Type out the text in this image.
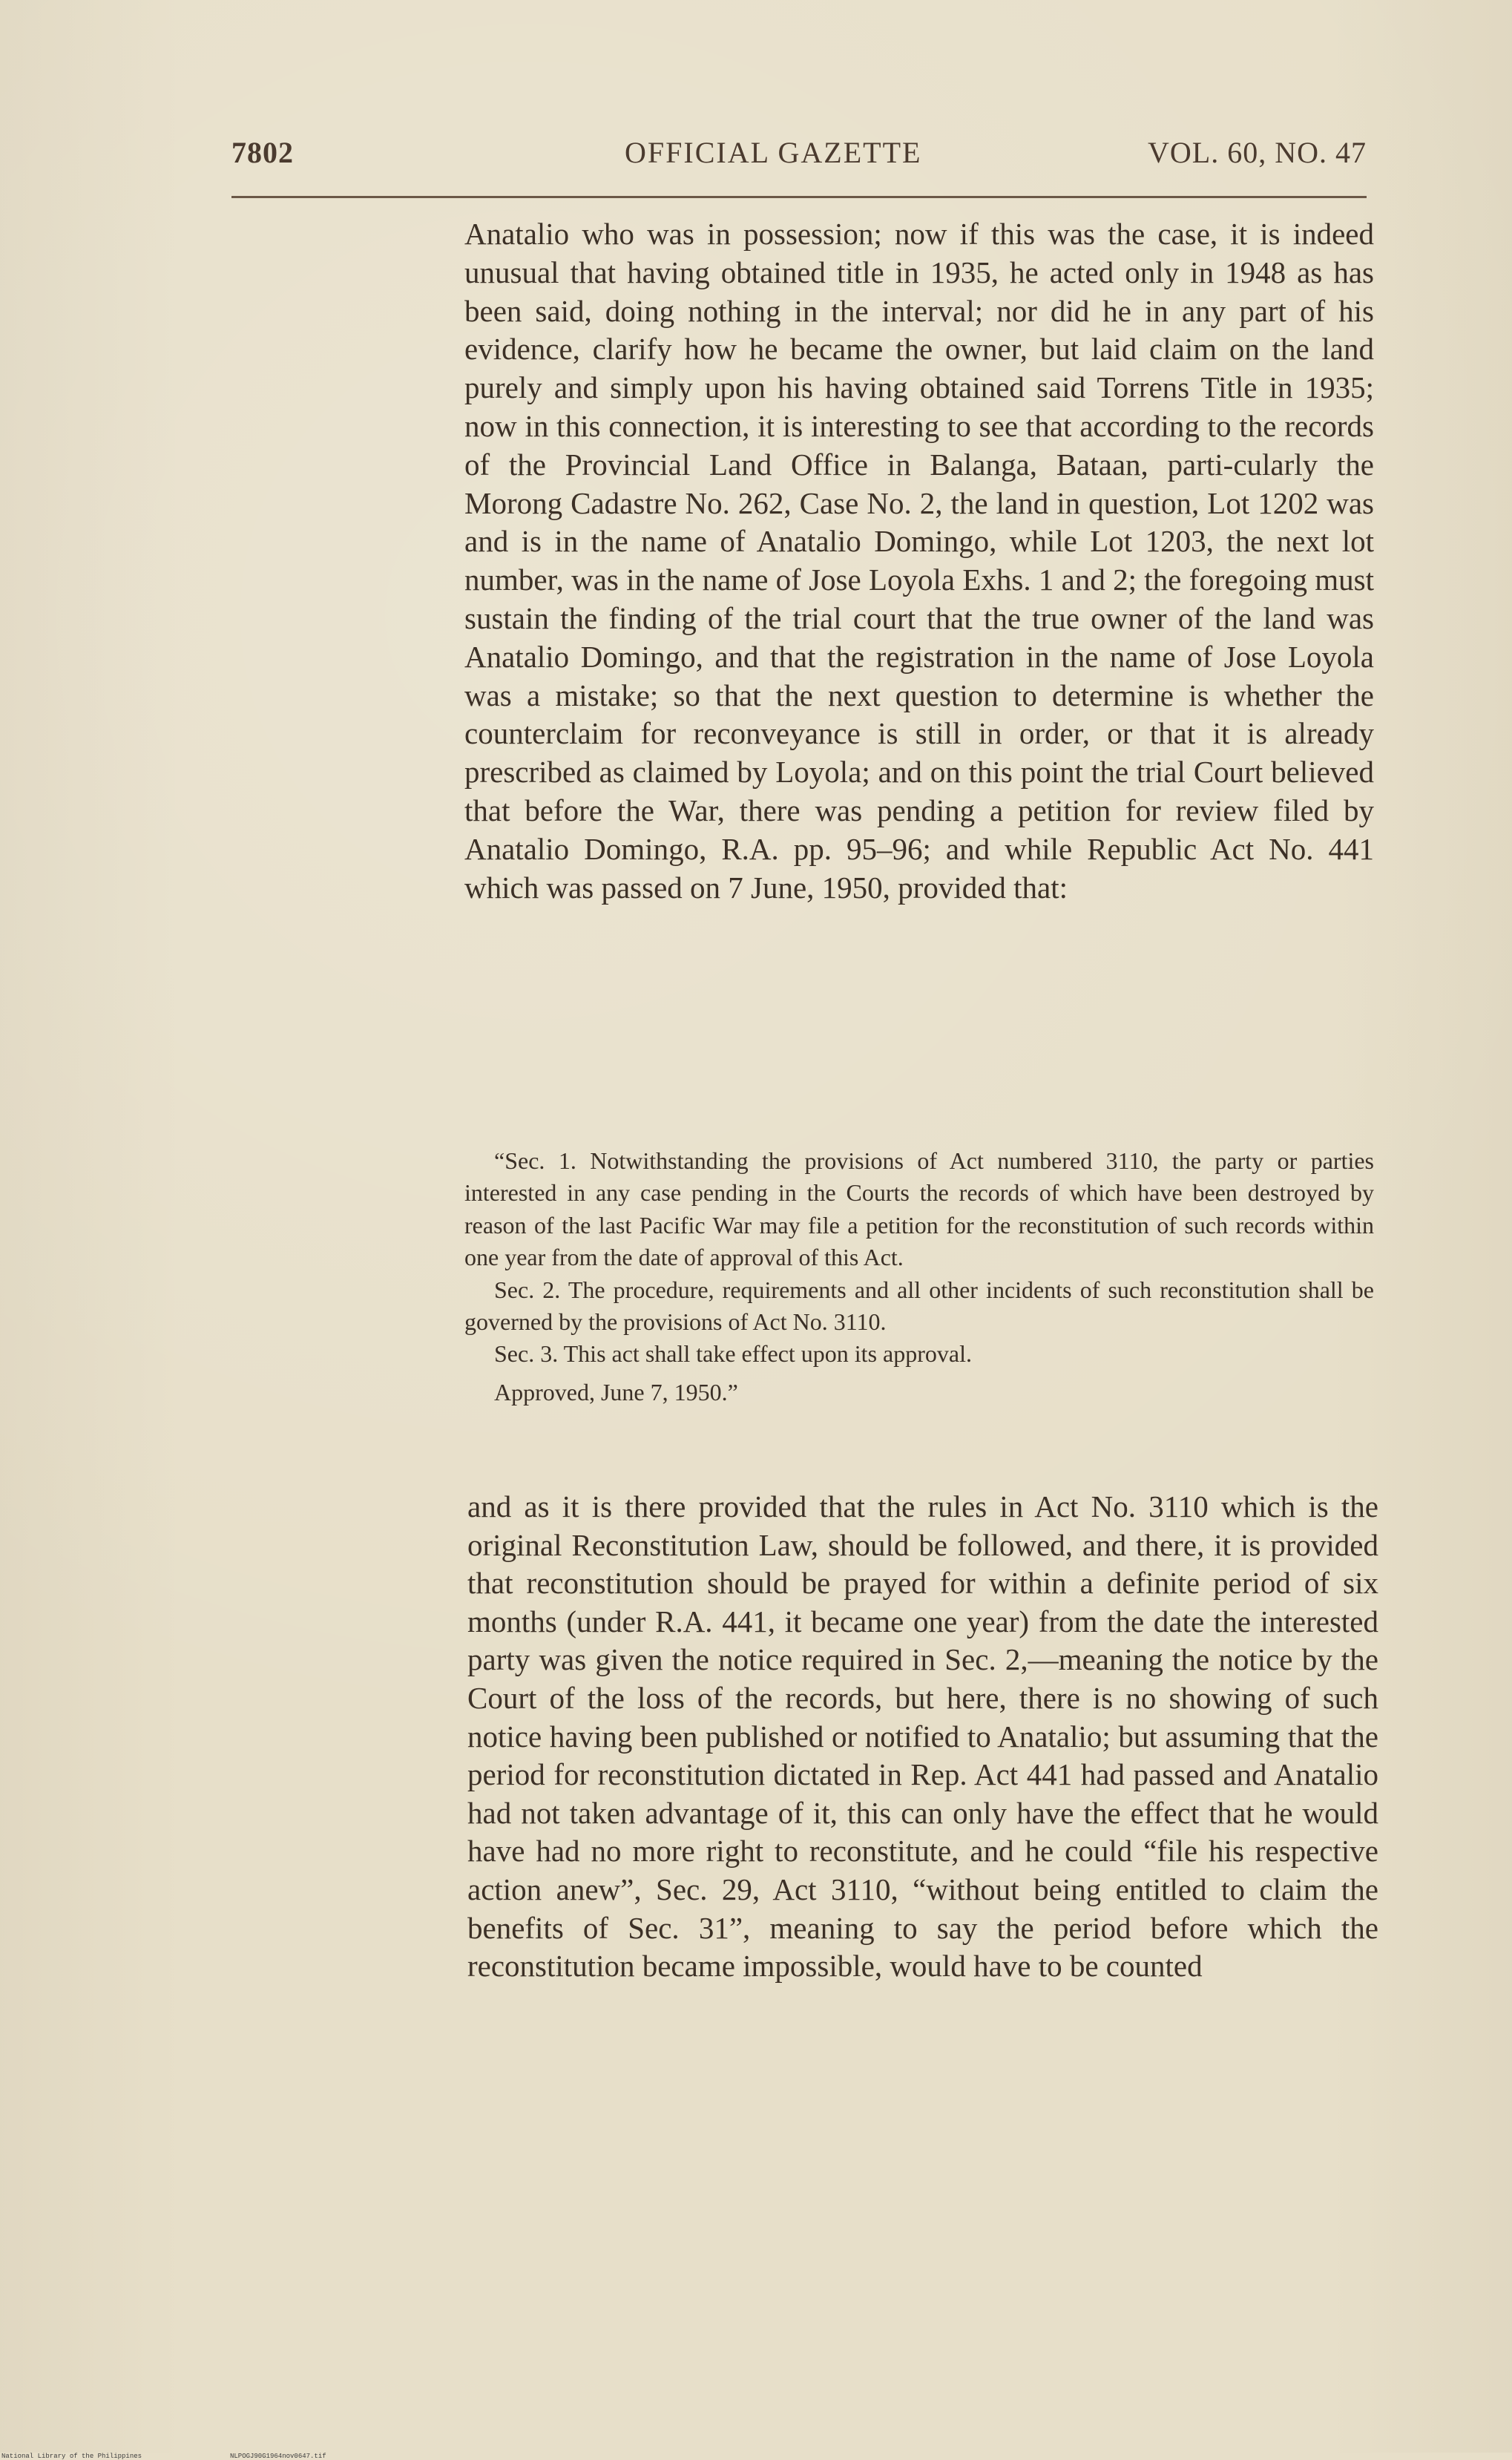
7802	OFFICIAL GAZETTE	VOL. 60, NO. 47
Anatalio who was in possession; now if this was the case, it is indeed unusual that having obtained title in 1935, he acted only in 1948 as has been said, doing nothing in the interval; nor did he in any part of his evidence, clarify how he became the owner, but laid claim on the land purely and simply upon his having obtained said Torrens Title in 1935; now in this connection, it is interesting to see that according to the records of the Provincial Land Office in Balanga, Bataan, parti-cularly the Morong Cadastre No. 262, Case No. 2, the land in question, Lot 1202 was and is in the name of Anatalio Domingo, while Lot 1203, the next lot number, was in the name of Jose Loyola Exhs. 1 and 2; the foregoing must sustain the finding of the trial court that the true owner of the land was Anatalio Domingo, and that the registration in the name of Jose Loyola was a mistake; so that the next question to determine is whether the counterclaim for reconveyance is still in order, or that it is already prescribed as claimed by Loyola; and on this point the trial Court believed that before the War, there was pending a petition for review filed by Anatalio Domingo, R.A. pp. 95–96; and while Republic Act No. 441 which was passed on 7 June, 1950, provided that:

“Sec. 1. Notwithstanding the provisions of Act numbered 3110, the party or parties interested in any case pending in the Courts the records of which have been destroyed by reason of the last Pacific War may file a petition for the reconstitution of such records within one year from the date of approval of this Act.

Sec. 2. The procedure, requirements and all other incidents of such reconstitution shall be governed by the provisions of Act No. 3110.

Sec. 3. This act shall take effect upon its approval.

Approved, June 7, 1950.”

and as it is there provided that the rules in Act No. 3110 which is the original Reconstitution Law, should be followed, and there, it is provided that reconstitution should be prayed for within a definite period of six months (under R.A. 441, it became one year) from the date the interested party was given the notice required in Sec. 2,—meaning the notice by the Court of the loss of the records, but here, there is no showing of such notice having been published or notified to Anatalio; but assuming that the period for reconstitution dictated in Rep. Act 441 had passed and Anatalio had not taken advantage of it, this can only have the effect that he would have had no more right to reconstitute, and he could “file his respective action anew”, Sec. 29, Act 3110, “without being entitled to claim the benefits of Sec. 31”, meaning to say the period before which the reconstitution became impossible, would have to be counted
National Library of the Philippines	NLPOGJ90G1964nov0647.tif
